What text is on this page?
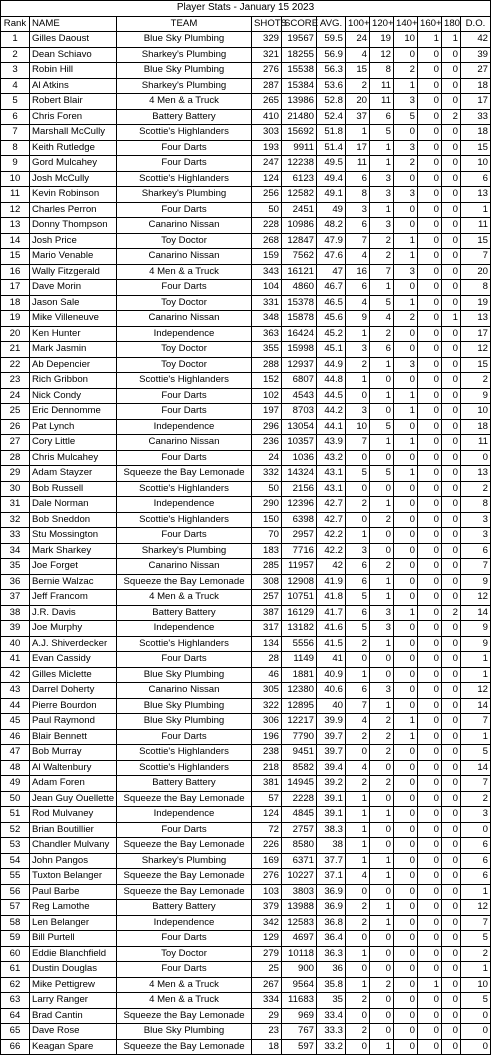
Player Stats - January 15 2023											
Rank	NAME	TEAM	SHOTS	SCORE	AVG.	100+	120+	140+	160+	180	D.O.
1	Gilles Daoust	Blue Sky Plumbing	329	19567	59.5	24	19	10	1	1	42
2	Dean Schiavo	Sharkey's Plumbing	321	18255	56.9	4	12	0	0	0	39
3	Robin Hill	Blue Sky Plumbing	276	15538	56.3	15	8	2	0	0	27
4	Al Atkins	Sharkey's Plumbing	287	15384	53.6	2	11	1	0	0	18
5	Robert Blair	4 Men & a Truck	265	13986	52.8	20	11	3	0	0	17
6	Chris Foren	Battery Battery	410	21480	52.4	37	6	5	0	2	33
7	Marshall McCully	Scottie's Highlanders	303	15692	51.8	1	5	0	0	0	18
8	Keith Rutledge	Four Darts	193	9911	51.4	17	1	3	0	0	15
9	Gord Mulcahey	Four Darts	247	12238	49.5	11	1	2	0	0	10
10	Josh McCully	Scottie's Highlanders	124	6123	49.4	6	3	0	0	0	6
11	Kevin Robinson	Sharkey's Plumbing	256	12582	49.1	8	3	3	0	0	13
12	Charles Perron	Four Darts	50	2451	49	3	1	0	0	0	1
13	Donny Thompson	Canarino Nissan	228	10986	48.2	6	3	0	0	0	11
14	Josh Price	Toy Doctor	268	12847	47.9	7	2	1	0	0	15
15	Mario Venable	Canarino Nissan	159	7562	47.6	4	2	1	0	0	7
16	Wally Fitzgerald	4 Men & a Truck	343	16121	47	16	7	3	0	0	20
17	Dave Morin	Four Darts	104	4860	46.7	6	1	0	0	0	8
18	Jason Sale	Toy Doctor	331	15378	46.5	4	5	1	0	0	19
19	Mike Villeneuve	Canarino Nissan	348	15878	45.6	9	4	2	0	1	13
20	Ken Hunter	Independence	363	16424	45.2	1	2	0	0	0	17
21	Mark Jasmin	Toy Doctor	355	15998	45.1	3	6	0	0	0	12
22	Ab Depencier	Toy Doctor	288	12937	44.9	2	1	3	0	0	15
23	Rich Gribbon	Scottie's Highlanders	152	6807	44.8	1	0	0	0	0	2
24	Nick Condy	Four Darts	102	4543	44.5	0	1	1	0	0	9
25	Eric Dennomme	Four Darts	197	8703	44.2	3	0	1	0	0	10
26	Pat Lynch	Independence	296	13054	44.1	10	5	0	0	0	18
27	Cory Little	Canarino Nissan	236	10357	43.9	7	1	1	0	0	11
28	Chris Mulcahey	Four Darts	24	1036	43.2	0	0	0	0	0	0
29	Adam Stayzer	Squeeze the Bay Lemonade	332	14324	43.1	5	5	1	0	0	13
30	Bob Russell	Scottie's Highlanders	50	2156	43.1	0	0	0	0	0	2
31	Dale Norman	Independence	290	12396	42.7	2	1	0	0	0	8
32	Bob Sneddon	Scottie's Highlanders	150	6398	42.7	0	2	0	0	0	3
33	Stu Mossington	Four Darts	70	2957	42.2	1	0	0	0	0	3
34	Mark Sharkey	Sharkey's Plumbing	183	7716	42.2	3	0	0	0	0	6
35	Joe Forget	Canarino Nissan	285	11957	42	6	2	0	0	0	7
36	Bernie Walzac	Squeeze the Bay Lemonade	308	12908	41.9	6	1	0	0	0	9
37	Jeff Francom	4 Men & a Truck	257	10751	41.8	5	1	0	0	0	12
38	J.R. Davis	Battery Battery	387	16129	41.7	6	3	1	0	2	14
39	Joe Murphy	Independence	317	13182	41.6	5	3	0	0	0	9
40	A.J. Shiverdecker	Scottie's Highlanders	134	5556	41.5	2	1	0	0	0	9
41	Evan Cassidy	Four Darts	28	1149	41	0	0	0	0	0	1
42	Gilles Miclette	Blue Sky Plumbing	46	1881	40.9	1	0	0	0	0	1
43	Darrel Doherty	Canarino Nissan	305	12380	40.6	6	3	0	0	0	12
44	Pierre Bourdon	Blue Sky Plumbing	322	12895	40	7	1	0	0	0	14
45	Paul Raymond	Blue Sky Plumbing	306	12217	39.9	4	2	1	0	0	7
46	Blair Bennett	Four Darts	196	7790	39.7	2	2	1	0	0	1
47	Bob Murray	Scottie's Highlanders	238	9451	39.7	0	2	0	0	0	5
48	Al Waltenbury	Scottie's Highlanders	218	8582	39.4	4	0	0	0	0	14
49	Adam Foren	Battery Battery	381	14945	39.2	2	2	0	0	0	7
50	Jean Guy Ouellette	Squeeze the Bay Lemonade	57	2228	39.1	1	0	0	0	0	2
51	Rod Mulvaney	Independence	124	4845	39.1	1	1	0	0	0	3
52	Brian Boutillier	Four Darts	72	2757	38.3	1	0	0	0	0	0
53	Chandler Mulvany	Squeeze the Bay Lemonade	226	8580	38	1	0	0	0	0	6
54	John Pangos	Sharkey's Plumbing	169	6371	37.7	1	1	0	0	0	6
55	Tuxton Belanger	Squeeze the Bay Lemonade	276	10227	37.1	4	1	0	0	0	6
56	Paul Barbe	Squeeze the Bay Lemonade	103	3803	36.9	0	0	0	0	0	1
57	Reg Lamothe	Battery Battery	379	13988	36.9	2	1	0	0	0	12
58	Len Belanger	Independence	342	12583	36.8	2	1	0	0	0	7
59	Bill Purtell	Four Darts	129	4697	36.4	0	0	0	0	0	5
60	Eddie Blanchfield	Toy Doctor	279	10118	36.3	1	0	0	0	0	2
61	Dustin Douglas	Four Darts	25	900	36	0	0	0	0	0	1
62	Mike Pettigrew	4 Men & a Truck	267	9564	35.8	1	2	0	1	0	10
63	Larry Ranger	4 Men & a Truck	334	11683	35	2	0	0	0	0	5
64	Brad Cantin	Squeeze the Bay Lemonade	29	969	33.4	0	0	0	0	0	0
65	Dave Rose	Blue Sky Plumbing	23	767	33.3	2	0	0	0	0	0
66	Keagan Spare	Squeeze the Bay Lemonade	18	597	33.2	0	1	0	0	0	0
